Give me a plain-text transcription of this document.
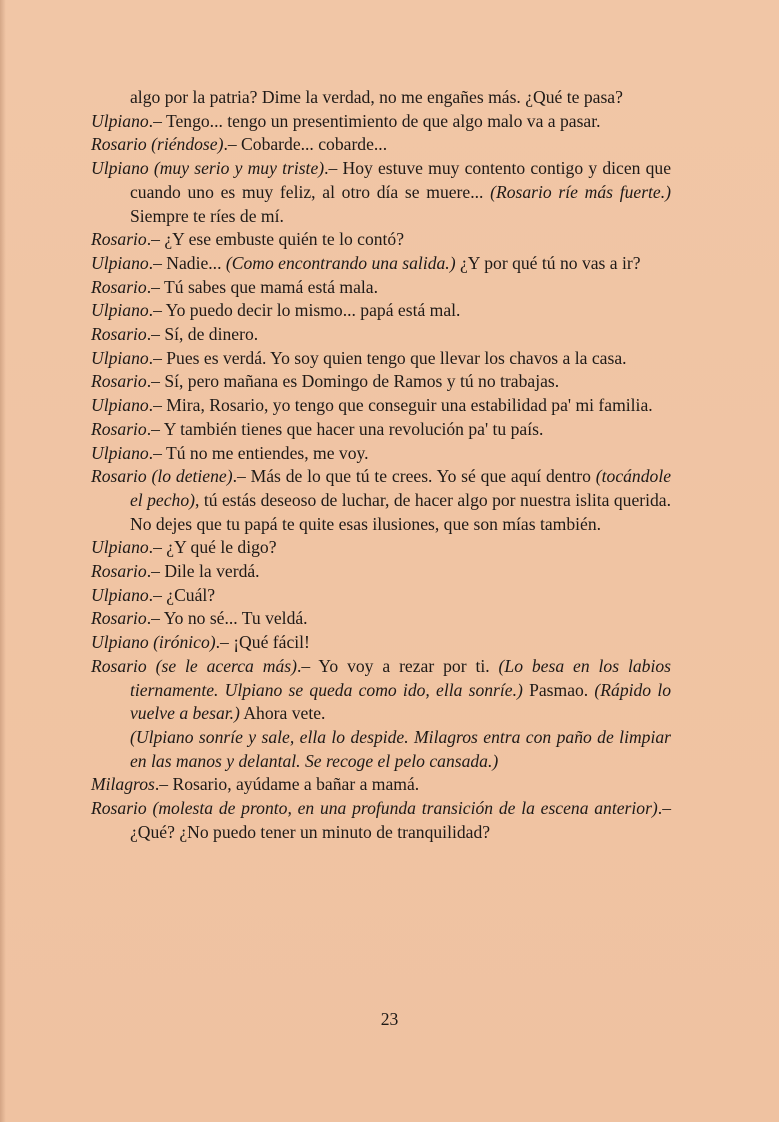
algo por la patria? Dime la verdad, no me engañes más. ¿Qué te pasa?

Ulpiano.– Tengo... tengo un presentimiento de que algo malo va a pasar.

Rosario (riéndose).– Cobarde... cobarde...

Ulpiano (muy serio y muy triste).– Hoy estuve muy contento contigo y dicen que cuando uno es muy feliz, al otro día se muere... (Rosario ríe más fuerte.) Siempre te ríes de mí.

Rosario.– ¿Y ese embuste quién te lo contó?

Ulpiano.– Nadie... (Como encontrando una salida.) ¿Y por qué tú no vas a ir?

Rosario.– Tú sabes que mamá está mala.

Ulpiano.– Yo puedo decir lo mismo... papá está mal.

Rosario.– Sí, de dinero.

Ulpiano.– Pues es verdá. Yo soy quien tengo que llevar los chavos a la casa.

Rosario.– Sí, pero mañana es Domingo de Ramos y tú no trabajas.

Ulpiano.– Mira, Rosario, yo tengo que conseguir una estabilidad pa' mi familia.

Rosario.– Y también tienes que hacer una revolución pa' tu país.

Ulpiano.– Tú no me entiendes, me voy.

Rosario (lo detiene).– Más de lo que tú te crees. Yo sé que aquí dentro (tocándole el pecho), tú estás deseoso de luchar, de hacer algo por nuestra islita querida. No dejes que tu papá te quite esas ilusiones, que son mías también.

Ulpiano.– ¿Y qué le digo?

Rosario.– Dile la verdá.

Ulpiano.– ¿Cuál?

Rosario.– Yo no sé... Tu veldá.

Ulpiano (irónico).– ¡Qué fácil!

Rosario (se le acerca más).– Yo voy a rezar por ti. (Lo besa en los labios tiernamente. Ulpiano se queda como ido, ella sonríe.) Pasmao. (Rápido lo vuelve a besar.) Ahora vete.

(Ulpiano sonríe y sale, ella lo despide. Milagros entra con paño de limpiar en las manos y delantal. Se recoge el pelo cansada.)

Milagros.– Rosario, ayúdame a bañar a mamá.

Rosario (molesta de pronto, en una profunda transición de la escena anterior).– ¿Qué? ¿No puedo tener un minuto de tranquilidad?

23
